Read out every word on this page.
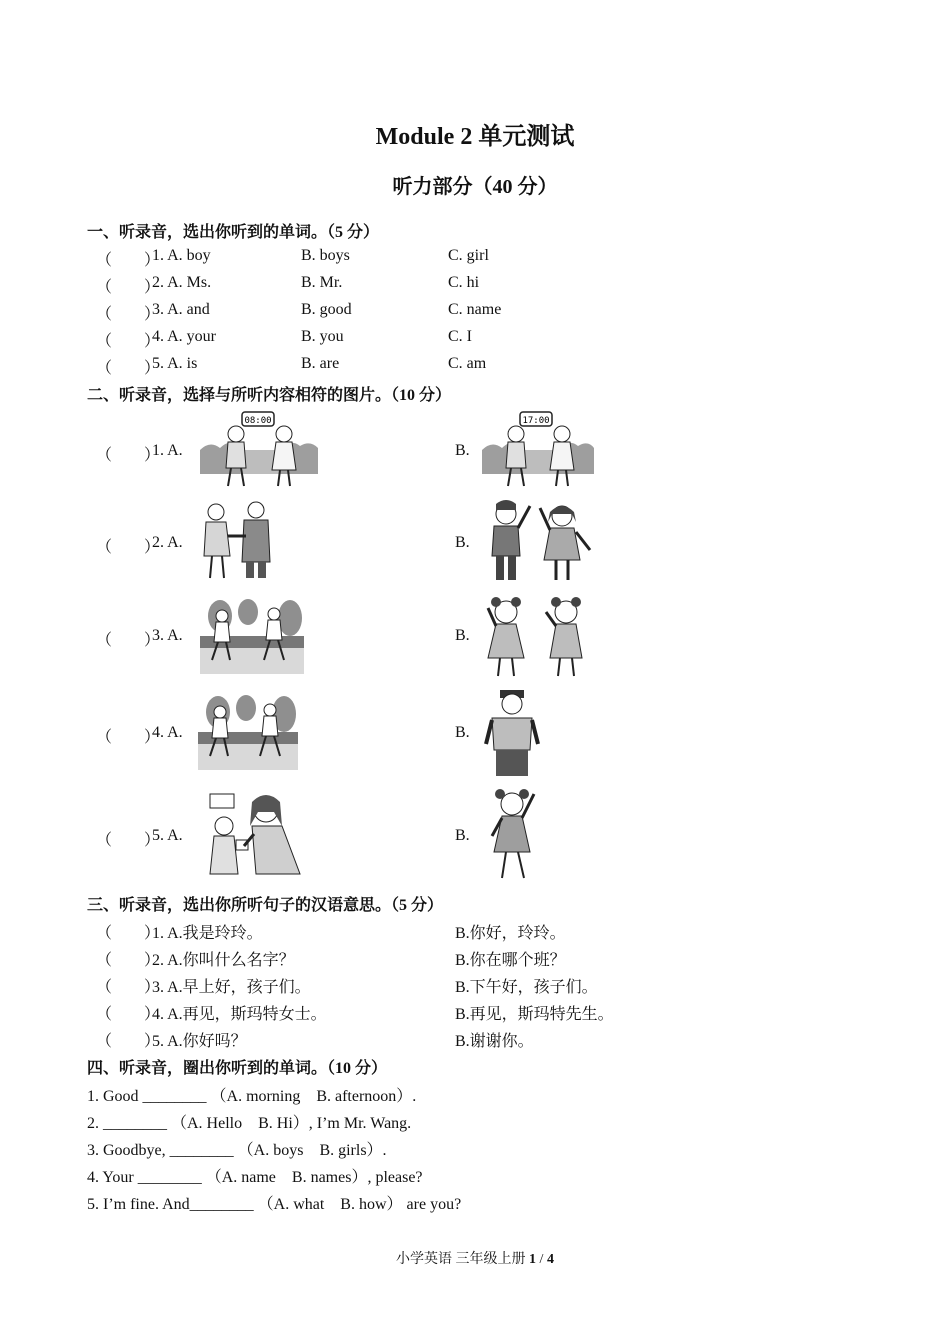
Module 2 单元测试
听力部分（40 分）
一、听录音，选出你听到的单词。（5 分）
（　　）
1. A. boy	B. boys	C. girl
（　　）
2. A. Ms.	B. Mr.	C. hi
（　　）
3. A. and	B. good	C. name
（　　）
4. A. your	B. you	C. I
（　　）
5. A. is	B. are	C. am
二、听录音，选择与所听内容相符的图片。（10 分）
（　　）
1. A.	B.
08:00	17:00
（　　）
2. A.	B.
（　　）
3. A.	B.
（　　）
4. A.	B.
（　　）
5. A.	B.
三、听录音，选出你所听句子的汉语意思。（5 分）
（　　）
1. A.我是玲玲。	B.你好，玲玲。
（　　）
2. A.你叫什么名字？	B.你在哪个班？
（　　）
3. A.早上好，孩子们。	B.下午好，孩子们。
（　　）
4. A.再见，斯玛特女士。	B.再见，斯玛特先生。
（　　）
5. A.你好吗？	B.谢谢你。
四、听录音，圈出你听到的单词。（10 分）
1. Good ________ （A. morning　B. afternoon）.
2. ________ （A. Hello　B. Hi）, I’m Mr. Wang.
3. Goodbye, ________ （A. boys　B. girls）.
4. Your ________ （A. name　B. names）, please?
5. I’m fine. And________ （A. what　B. how） are you?
小学英语 三年级上册 1 / 4
